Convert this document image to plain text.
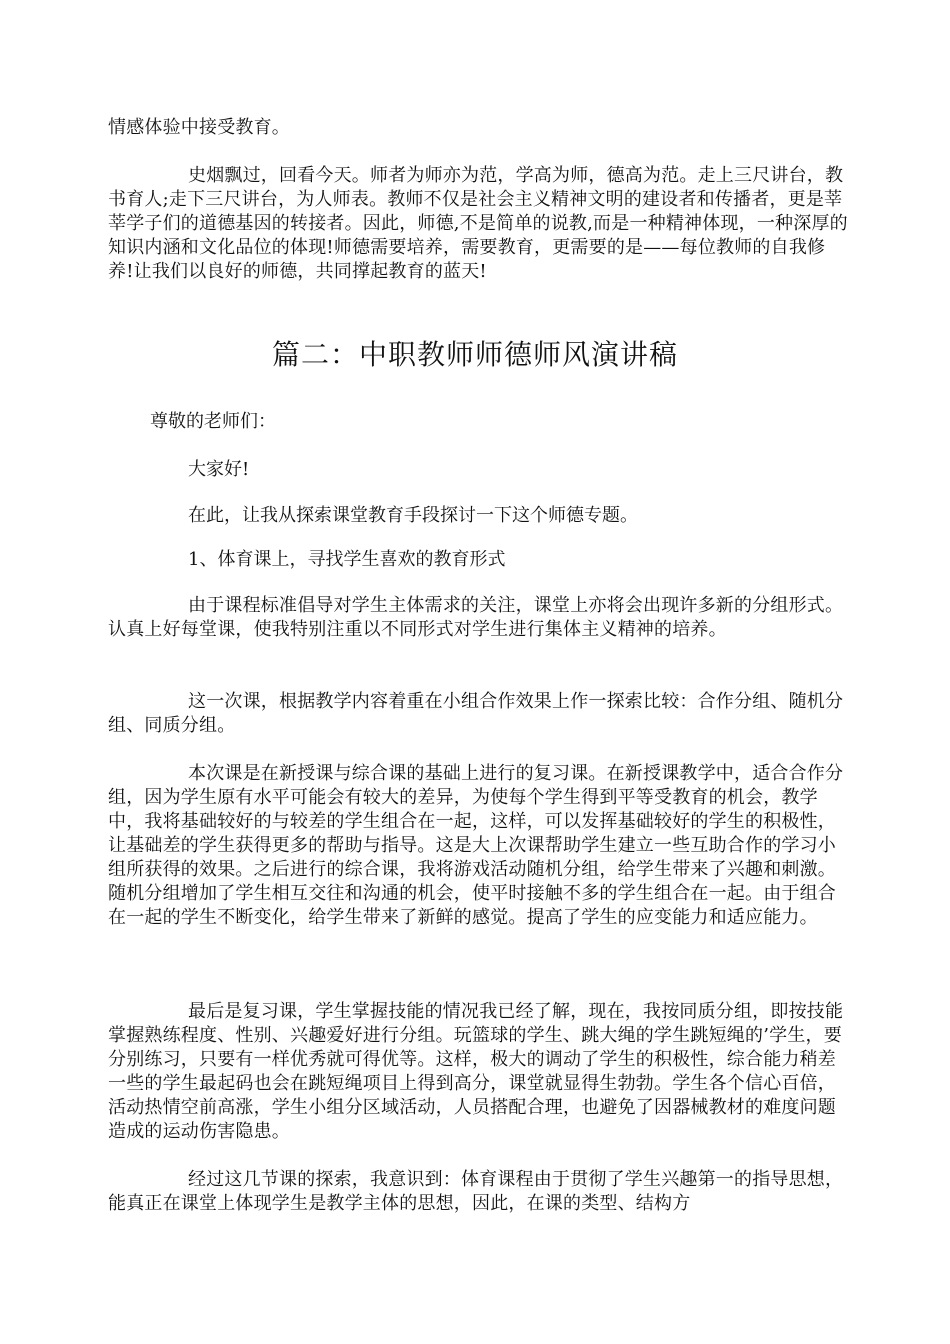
情感体验中接受教育。

史烟飘过，回看今天。师者为师亦为范，学高为师，德高为范。走上三尺讲台，教书育人;走下三尺讲台，为人师表。教师不仅是社会主义精神文明的建设者和传播者，更是莘莘学子们的道德基因的转接者。因此，师德,不是简单的说教,而是一种精神体现，一种深厚的知识内涵和文化品位的体现!师德需要培养，需要教育，更需要的是——每位教师的自我修养!让我们以良好的师德，共同撑起教育的蓝天!

篇二：中职教师师德师风演讲稿

尊敬的老师们：

大家好!

在此，让我从探索课堂教育手段探讨一下这个师德专题。

1、体育课上，寻找学生喜欢的教育形式

由于课程标准倡导对学生主体需求的关注，课堂上亦将会出现许多新的分组形式。认真上好每堂课，使我特别注重以不同形式对学生进行集体主义精神的培养。

这一次课，根据教学内容着重在小组合作效果上作一探索比较：合作分组、随机分组、同质分组。

本次课是在新授课与综合课的基础上进行的复习课。在新授课教学中，适合合作分组，因为学生原有水平可能会有较大的差异，为使每个学生得到平等受教育的机会，教学中，我将基础较好的与较差的学生组合在一起，这样，可以发挥基础较好的学生的积极性，让基础差的学生获得更多的帮助与指导。这是大上次课帮助学生建立一些互助合作的学习小组所获得的效果。之后进行的综合课，我将游戏活动随机分组，给学生带来了兴趣和刺激。随机分组增加了学生相互交往和沟通的机会，使平时接触不多的学生组合在一起。由于组合在一起的学生不断变化，给学生带来了新鲜的感觉。提高了学生的应变能力和适应能力。

最后是复习课，学生掌握技能的情况我已经了解，现在，我按同质分组，即按技能掌握熟练程度、性别、兴趣爱好进行分组。玩篮球的学生、跳大绳的学生跳短绳的’学生，要分别练习，只要有一样优秀就可得优等。这样，极大的调动了学生的积极性，综合能力稍差一些的学生最起码也会在跳短绳项目上得到高分，课堂就显得生勃勃。学生各个信心百倍，活动热情空前高涨，学生小组分区域活动，人员搭配合理，也避免了因器械教材的难度问题造成的运动伤害隐患。

经过这几节课的探索，我意识到：体育课程由于贯彻了学生兴趣第一的指导思想，能真正在课堂上体现学生是教学主体的思想，因此，在课的类型、结构方
